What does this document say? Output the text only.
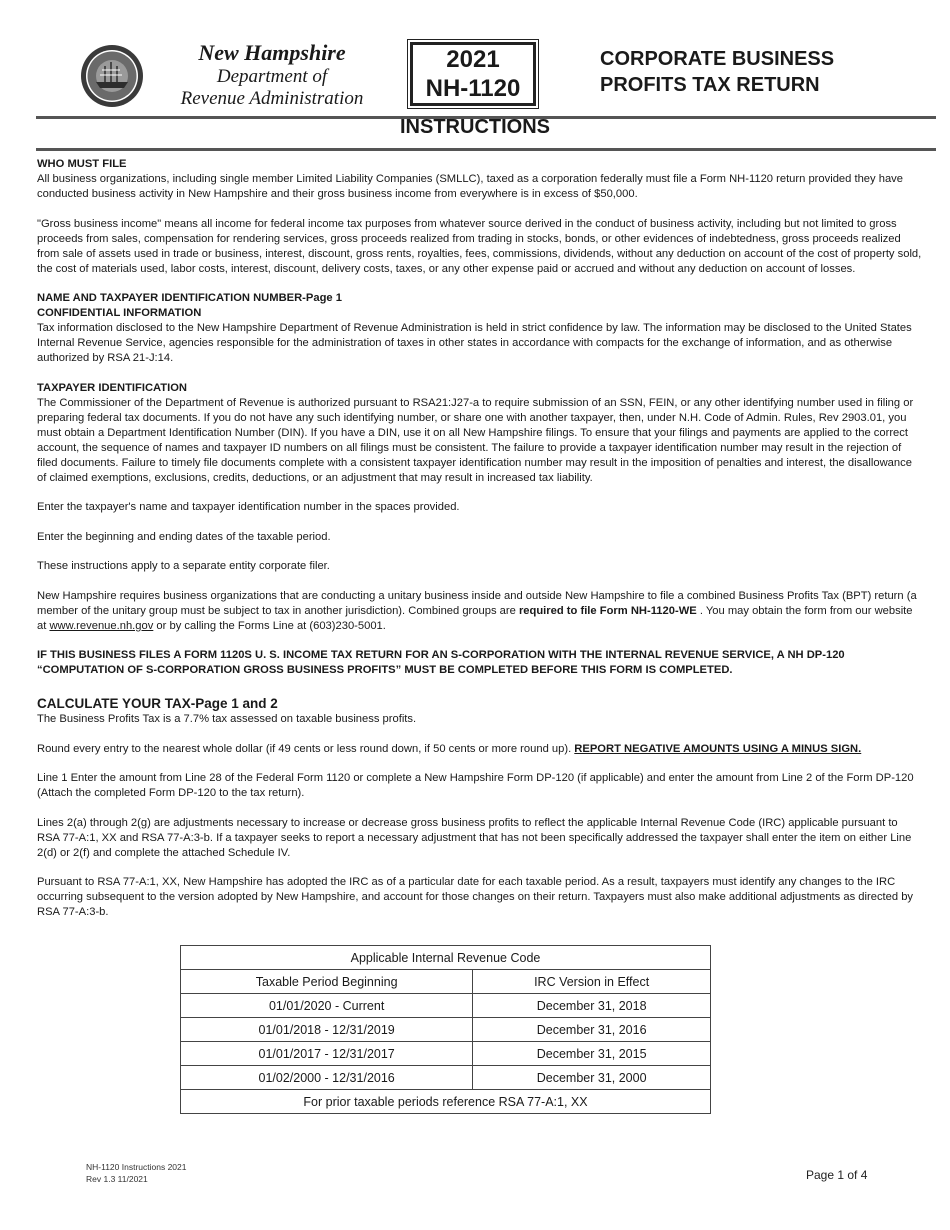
New Hampshire
Department of
Revenue Administration
2021
NH-1120
CORPORATE BUSINESS
PROFITS TAX RETURN
INSTRUCTIONS
WHO MUST FILE

All business organizations, including single member Limited Liability Companies (SMLLC), taxed as a corporation federally must file a Form NH-1120 return provided they have conducted business activity in New Hampshire and their gross business income from everywhere is in excess of $50,000.

"Gross business income" means all income for federal income tax purposes from whatever source derived in the conduct of business activity, including but not limited to gross proceeds from sales, compensation for rendering services, gross proceeds realized from trading in stocks, bonds, or other evidences of indebtedness, gross proceeds realized from sale of assets used in trade or business, interest, discount, gross rents, royalties, fees, commissions, dividends, without any deduction on account of the cost of property sold, the cost of materials used, labor costs, interest, discount, delivery costs, taxes, or any other expense paid or accrued and without any deduction on account of losses.

NAME AND TAXPAYER IDENTIFICATION NUMBER-Page 1
CONFIDENTIAL INFORMATION

Tax information disclosed to the New Hampshire Department of Revenue Administration is held in strict confidence by law. The information may be disclosed to the United States Internal Revenue Service, agencies responsible for the administration of taxes in other states in accordance with compacts for the exchange of information, and as otherwise authorized by RSA 21-J:14.

TAXPAYER IDENTIFICATION

The Commissioner of the Department of Revenue is authorized pursuant to RSA21:J27-a to require submission of an SSN, FEIN, or any other identifying number used in filing or preparing federal tax documents. If you do not have any such identifying number, or share one with another taxpayer, then, under N.H. Code of Admin. Rules, Rev 2903.01, you must obtain a Department Identification Number (DIN). If you have a DIN, use it on all New Hampshire filings. To ensure that your filings and payments are applied to the correct account, the sequence of names and taxpayer ID numbers on all filings must be consistent. The failure to provide a taxpayer identification number may result in the rejection of filed documents. Failure to timely file documents complete with a consistent taxpayer identification number may result in the imposition of penalties and interest, the disallowance of claimed exemptions, exclusions, credits, deductions, or an adjustment that may result in increased tax liability.

Enter the taxpayer's name and taxpayer identification number in the spaces provided.

Enter the beginning and ending dates of the taxable period.

These instructions apply to a separate entity corporate filer.

New Hampshire requires business organizations that are conducting a unitary business inside and outside New Hampshire to file a combined Business Profits Tax (BPT) return (a member of the unitary group must be subject to tax in another jurisdiction). Combined groups are required to file Form NH-1120-WE . You may obtain the form from our website at www.revenue.nh.gov or by calling the Forms Line at (603)230-5001.

IF THIS BUSINESS FILES A FORM 1120S U. S. INCOME TAX RETURN FOR AN S-CORPORATION WITH THE INTERNAL REVENUE SERVICE, A NH DP-120 “COMPUTATION OF S-CORPORATION GROSS BUSINESS PROFITS” MUST BE COMPLETED BEFORE THIS FORM IS COMPLETED.

CALCULATE YOUR TAX-Page 1 and 2

The Business Profits Tax is a 7.7% tax assessed on taxable business profits.

Round every entry to the nearest whole dollar (if 49 cents or less round down, if 50 cents or more round up). REPORT NEGATIVE AMOUNTS USING A MINUS SIGN.

Line 1 Enter the amount from Line 28 of the Federal Form 1120 or complete a New Hampshire Form DP-120 (if applicable) and enter the amount from Line 2 of the Form DP-120 (Attach the completed Form DP-120 to the tax return).

Lines 2(a) through 2(g) are adjustments necessary to increase or decrease gross business profits to reflect the applicable Internal Revenue Code (IRC) applicable pursuant to RSA 77-A:1, XX and RSA 77-A:3-b. If a taxpayer seeks to report a necessary adjustment that has not been specifically addressed the taxpayer shall enter the item on either Line 2(d) or 2(f) and complete the attached Schedule IV.

Pursuant to RSA 77-A:1, XX, New Hampshire has adopted the IRC as of a particular date for each taxable period. As a result, taxpayers must identify any changes to the IRC occurring subsequent to the version adopted by New Hampshire, and account for those changes on their return. Taxpayers must also make additional adjustments as directed by RSA 77-A:3-b.

Applicable Internal Revenue Code	
Taxable Period Beginning	IRC Version in Effect
01/01/2020 - Current	December 31, 2018
01/01/2018 - 12/31/2019	December 31, 2016
01/01/2017 - 12/31/2017	December 31, 2015
01/02/2000 - 12/31/2016	December 31, 2000
For prior taxable periods reference RSA 77-A:1, XX	
NH-1120 Instructions 2021
Rev 1.3 11/2021	Page 1 of 4
